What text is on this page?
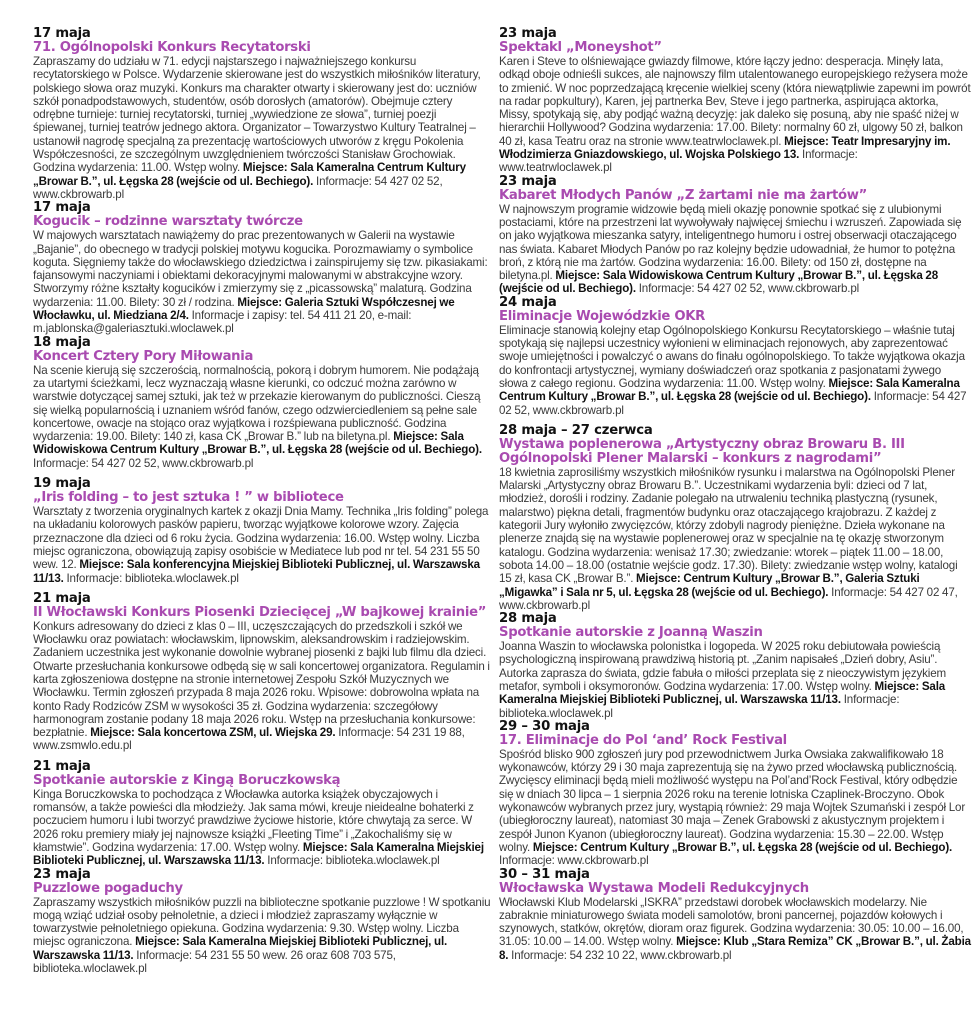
17 maja
71. Ogólnopolski Konkurs Recytatorski
Zapraszamy do udziału w 71. edycji najstarszego i najważniejszego konkursu recytatorskiego w Polsce. Wydarzenie skierowane jest do wszystkich miłośników literatury, polskiego słowa oraz muzyki. Konkurs ma charakter otwarty i skierowany jest do: uczniów szkół ponadpodstawowych, studentów, osób dorosłych (amatorów). Obejmuje cztery odrębne turnieje: turniej recytatorski, turniej „wywiedzione ze słowa”, turniej poezji śpiewanej, turniej teatrów jednego aktora. Organizator – Towarzystwo Kultury Teatralnej – ustanowił nagrodę specjalną za prezentację wartościowych utworów z kręgu Pokolenia Współczesności, ze szczególnym uwzględnieniem twórczości Stanisław Grochowiak. Godzina wydarzenia: 11.00. Wstęp wolny. Miejsce: Sala Kameralna Centrum Kultury „Browar B.”, ul. Łęgska 28 (wejście od ul. Bechiego). Informacje: 54 427 02 52, www.ckbrowarb.pl
17 maja
Kogucik – rodzinne warsztaty twórcze
W majowych warsztatach nawiążemy do prac prezentowanych w Galerii na wystawie „Bajanie”, do obecnego w tradycji polskiej motywu kogucika. Porozmawiamy o symbolice koguta. Sięgniemy także do włocławskiego dziedzictwa i zainspirujemy się tzw. pikasiakami: fajansowymi naczyniami i obiektami dekoracyjnymi malowanymi w abstrakcyjne wzory. Stworzymy różne kształty kogucików i zmierzymy się z „picassowską” malaturą. Godzina wydarzenia: 11.00. Bilety: 30 zł / rodzina. Miejsce: Galeria Sztuki Współczesnej we Włocławku, ul. Miedziana 2/4. Informacje i zapisy: tel. 54 411 21 20, e-mail: m.jablonska@galeriasztuki.wloclawek.pl
18 maja
Koncert Cztery Pory Miłowania
Na scenie kierują się szczerością, normalnością, pokorą i dobrym humorem. Nie podążają za utartymi ścieżkami, lecz wyznaczają własne kierunki, co odczuć można zarówno w warstwie dotyczącej samej sztuki, jak też w przekazie kierowanym do publiczności. Cieszą się wielką popularnością i uznaniem wśród fanów, czego odzwierciedleniem są pełne sale koncertowe, owacje na stojąco oraz wyjątkowa i rozśpiewana publiczność. Godzina wydarzenia: 19.00. Bilety: 140 zł, kasa CK „Browar B.” lub na biletyna.pl. Miejsce: Sala Widowiskowa Centrum Kultury „Browar B.”, ul. Łęgska 28 (wejście od ul. Bechiego). Informacje: 54 427 02 52, www.ckbrowarb.pl
19 maja
„Iris folding – to jest sztuka ! ” w bibliotece
Warsztaty z tworzenia oryginalnych kartek z okazji Dnia Mamy. Technika „Iris folding” polega na układaniu kolorowych pasków papieru, tworząc wyjątkowe kolorowe wzory. Zajęcia przeznaczone dla dzieci od 6 roku życia. Godzina wydarzenia: 16.00. Wstęp wolny. Liczba miejsc ograniczona, obowiązują zapisy osobiście w Mediatece lub pod nr tel. 54 231 55 50 wew. 12. Miejsce: Sala konferencyjna Miejskiej Biblioteki Publicznej, ul. Warszawska 11/13. Informacje: biblioteka.wloclawek.pl
21 maja
II Włocławski Konkurs Piosenki Dziecięcej „W bajkowej krainie”
Konkurs adresowany do dzieci z klas 0 – III, uczęszczających do przedszkoli i szkół we Włocławku oraz powiatach: włocławskim, lipnowskim, aleksandrowskim i radziejowskim. Zadaniem uczestnika jest wykonanie dowolnie wybranej piosenki z bajki lub filmu dla dzieci. Otwarte przesłuchania konkursowe odbędą się w sali koncertowej organizatora. Regulamin i karta zgłoszeniowa dostępne na stronie internetowej Zespołu Szkół Muzycznych we Włocławku. Termin zgłoszeń przypada 8 maja 2026 roku. Wpisowe: dobrowolna wpłata na konto Rady Rodziców ZSM w wysokości 35 zł. Godzina wydarzenia: szczegółowy harmonogram zostanie podany 18 maja 2026 roku. Wstęp na przesłuchania konkursowe: bezpłatnie. Miejsce: Sala koncertowa ZSM, ul. Wiejska 29. Informacje: 54 231 19 88, www.zsmwlo.edu.pl
21 maja
Spotkanie autorskie z Kingą Boruczkowską
Kinga Boruczkowska to pochodząca z Włocławka autorka książek obyczajowych i romansów, a także powieści dla młodzieży. Jak sama mówi, kreuje nieidealne bohaterki z poczuciem humoru i lubi tworzyć prawdziwe życiowe historie, które chwytają za serce. W 2026 roku premiery miały jej najnowsze książki „Fleeting Time” i „Zakochaliśmy się w kłamstwie”. Godzina wydarzenia: 17.00. Wstęp wolny. Miejsce: Sala Kameralna Miejskiej Biblioteki Publicznej, ul. Warszawska 11/13. Informacje: biblioteka.wloclawek.pl
23 maja
Puzzlowe pogaduchy
Zapraszamy wszystkich miłośników puzzli na biblioteczne spotkanie puzzlowe ! W spotkaniu mogą wziąć udział osoby pełnoletnie, a dzieci i młodzież zapraszamy wyłącznie w towarzystwie pełnoletniego opiekuna. Godzina wydarzenia: 9.30. Wstęp wolny. Liczba miejsc ograniczona. Miejsce: Sala Kameralna Miejskiej Biblioteki Publicznej, ul. Warszawska 11/13. Informacje: 54 231 55 50 wew. 26 oraz 608 703 575, biblioteka.wloclawek.pl
23 maja
Spektakl „Moneyshot”
Karen i Steve to olśniewające gwiazdy filmowe, które łączy jedno: desperacja. Minęły lata, odkąd oboje odnieśli sukces, ale najnowszy film utalentowanego europejskiego reżysera może to zmienić. W noc poprzedzającą kręcenie wielkiej sceny (która niewątpliwie zapewni im powrót na radar popkultury), Karen, jej partnerka Bev, Steve i jego partnerka, aspirująca aktorka, Missy, spotykają się, aby podjąć ważną decyzję: jak daleko się posuną, aby nie spaść niżej w hierarchii Hollywood? Godzina wydarzenia: 17.00. Bilety: normalny 60 zł, ulgowy 50 zł, balkon 40 zł, kasa Teatru oraz na stronie www.teatrwloclawek.pl. Miejsce: Teatr Impresaryjny im. Włodzimierza Gniazdowskiego, ul. Wojska Polskiego 13. Informacje: www.teatrwloclawek.pl
23 maja
Kabaret Młodych Panów „Z żartami nie ma żartów”
W najnowszym programie widzowie będą mieli okazję ponownie spotkać się z ulubionymi postaciami, które na przestrzeni lat wywoływały najwięcej śmiechu i wzruszeń. Zapowiada się on jako wyjątkowa mieszanka satyry, inteligentnego humoru i ostrej obserwacji otaczającego nas świata. Kabaret Młodych Panów po raz kolejny będzie udowadniał, że humor to potężna broń, z którą nie ma żartów. Godzina wydarzenia: 16.00. Bilety: od 150 zł, dostępne na biletyna.pl. Miejsce: Sala Widowiskowa Centrum Kultury „Browar B.”, ul. Łęgska 28 (wejście od ul. Bechiego). Informacje: 54 427 02 52, www.ckbrowarb.pl
24 maja
Eliminacje Wojewódzkie OKR
Eliminacje stanowią kolejny etap Ogólnopolskiego Konkursu Recytatorskiego – właśnie tutaj spotykają się najlepsi uczestnicy wyłonieni w eliminacjach rejonowych, aby zaprezentować swoje umiejętności i powalczyć o awans do finału ogólnopolskiego. To także wyjątkowa okazja do konfrontacji artystycznej, wymiany doświadczeń oraz spotkania z pasjonatami żywego słowa z całego regionu. Godzina wydarzenia: 11.00. Wstęp wolny. Miejsce: Sala Kameralna Centrum Kultury „Browar B.”, ul. Łęgska 28 (wejście od ul. Bechiego). Informacje: 54 427 02 52, www.ckbrowarb.pl
28 maja – 27 czerwca
Wystawa poplenerowa „Artystyczny obraz Browaru B. III Ogólnopolski Plener Malarski – konkurs z nagrodami”
18 kwietnia zaprosiliśmy wszystkich miłośników rysunku i malarstwa na Ogólnopolski Plener Malarski „Artystyczny obraz Browaru B.”. Uczestnikami wydarzenia byli: dzieci od 7 lat, młodzież, dorośli i rodziny. Zadanie polegało na utrwaleniu techniką plastyczną (rysunek, malarstwo) piękna detali, fragmentów budynku oraz otaczającego krajobrazu. Z każdej z kategorii Jury wyłoniło zwycięzców, którzy zdobyli nagrody pieniężne. Dzieła wykonane na plenerze znajdą się na wystawie poplenerowej oraz w specjalnie na tę okazję stworzonym katalogu. Godzina wydarzenia: wenisaż 17.30; zwiedzanie: wtorek – piątek 11.00 – 18.00, sobota 14.00 – 18.00 (ostatnie wejście godz. 17.30). Bilety: zwiedzanie wstęp wolny, katalogi 15 zł, kasa CK „Browar B.”. Miejsce: Centrum Kultury „Browar B.”, Galeria Sztuki „Migawka” i Sala nr 5, ul. Łęgska 28 (wejście od ul. Bechiego). Informacje: 54 427 02 47, www.ckbrowarb.pl
28 maja
Spotkanie autorskie z Joanną Waszin
Joanna Waszin to włocławska polonistka i logopeda. W 2025 roku debiutowała powieścią psychologiczną inspirowaną prawdziwą historią pt. „Zanim napisałeś „Dzień dobry, Asiu”. Autorka zaprasza do świata, gdzie fabuła o miłości przeplata się z nieoczywistym językiem metafor, symboli i oksymoronów. Godzina wydarzenia: 17.00. Wstęp wolny. Miejsce: Sala Kameralna Miejskiej Biblioteki Publicznej, ul. Warszawska 11/13. Informacje: biblioteka.wloclawek.pl
29 – 30 maja
17. Eliminacje do Pol ‘and’ Rock Festival
Spośród blisko 900 zgłoszeń jury pod przewodnictwem Jurka Owsiaka zakwalifikowało 18 wykonawców, którzy 29 i 30 maja zaprezentują się na żywo przed włocławską publicznością. Zwycięscy eliminacji będą mieli możliwość występu na Pol’and’Rock Festival, który odbędzie się w dniach 30 lipca – 1 sierpnia 2026 roku na terenie lotniska Czaplinek-Broczyno. Obok wykonawców wybranych przez jury, wystąpią również: 29 maja Wojtek Szumański i zespół Lor (ubiegłoroczny laureat), natomiast 30 maja – Zenek Grabowski z akustycznym projektem i zespół Junon Kyanon (ubiegłoroczny laureat). Godzina wydarzenia: 15.30 – 22.00. Wstęp wolny. Miejsce: Centrum Kultury „Browar B.”, ul. Łęgska 28 (wejście od ul. Bechiego). Informacje: www.ckbrowarb.pl
30 – 31 maja
Włocławska Wystawa Modeli Redukcyjnych
Włocławski Klub Modelarski „ISKRA” przedstawi dorobek włocławskich modelarzy. Nie zabraknie miniaturowego świata modeli samolotów, broni pancernej, pojazdów kołowych i szynowych, statków, okrętów, dioram oraz figurek. Godzina wydarzenia: 30.05: 10.00 – 16.00, 31.05: 10.00 – 14.00. Wstęp wolny. Miejsce: Klub „Stara Remiza” CK „Browar B.”, ul. Żabia 8. Informacje: 54 232 10 22, www.ckbrowarb.pl
